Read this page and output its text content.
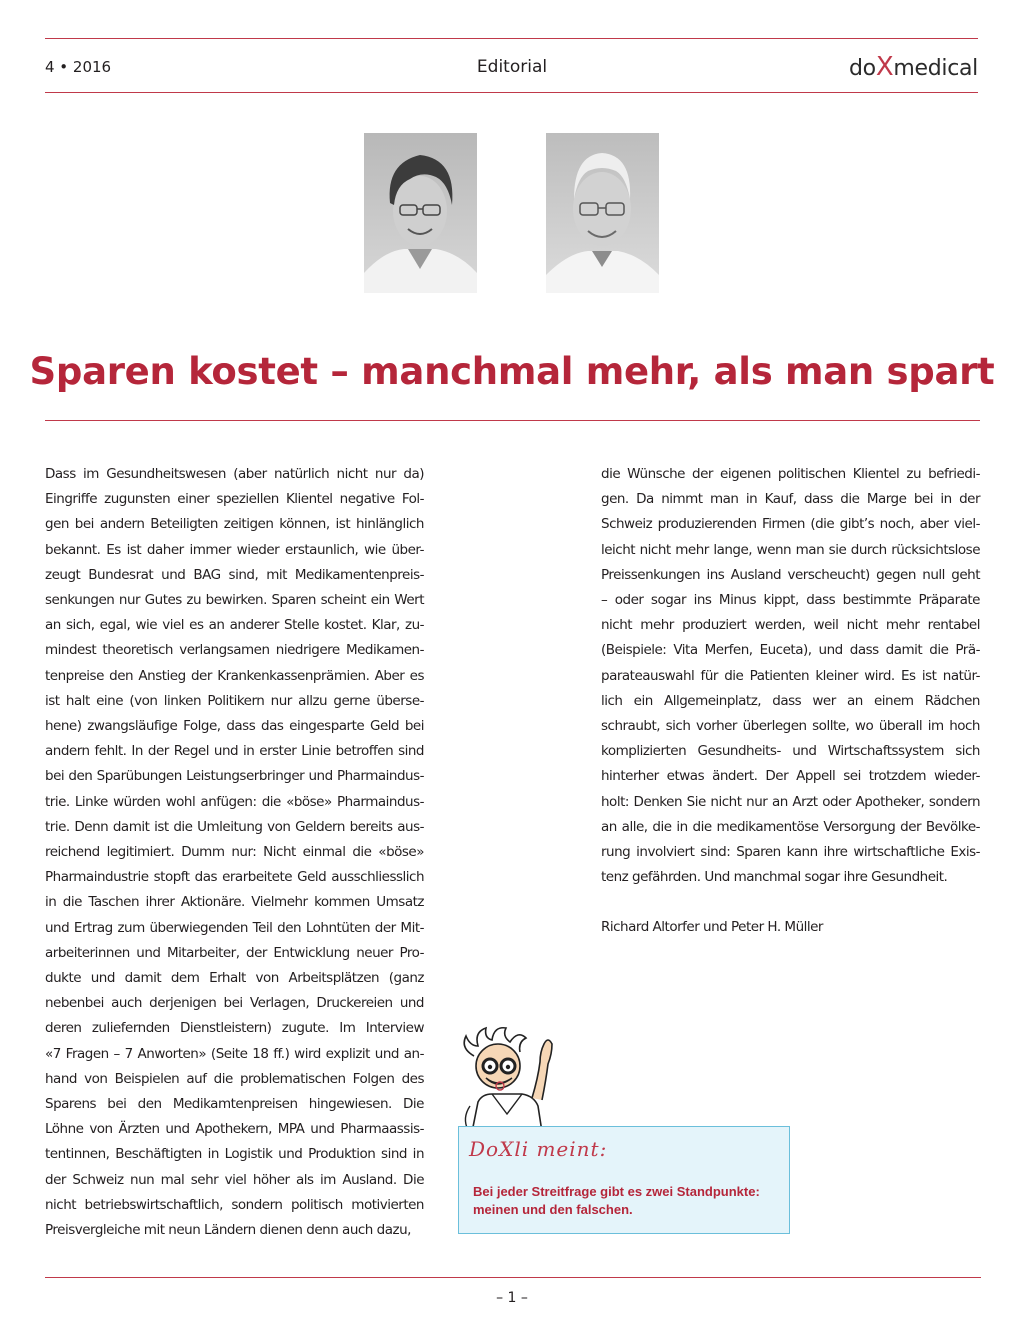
4 • 2016	Editorial	doXmedical
Sparen kostet – manchmal mehr, als man spart
Dass im Gesundheitswesen (aber natürlich nicht nur da)
Eingriffe zugunsten einer speziellen Klientel negative Fol-
gen bei andern Beteiligten zeitigen können, ist hinlänglich
bekannt. Es ist daher immer wieder erstaunlich, wie über-
zeugt Bundesrat und BAG sind, mit Medikamentenpreis-
senkungen nur Gutes zu bewirken. Sparen scheint ein Wert
an sich, egal, wie viel es an anderer Stelle kostet. Klar, zu-
mindest theoretisch verlangsamen niedrigere Medikamen-
tenpreise den Anstieg der Krankenkassenprämien. Aber es
ist halt eine (von linken Politikern nur allzu gerne überse-
hene) zwangsläufige Folge, dass das eingesparte Geld bei
andern fehlt. In der Regel und in erster Linie betroffen sind
bei den Sparübungen Leistungserbringer und Pharmaindus-
trie. Linke würden wohl anfügen: die «böse» Pharmaindus-
trie. Denn damit ist die Umleitung von Geldern bereits aus-
reichend legitimiert. Dumm nur: Nicht einmal die «böse»
Pharmaindustrie stopft das erarbeitete Geld ausschliesslich
in die Taschen ihrer Aktionäre. Vielmehr kommen Umsatz
und Ertrag zum überwiegenden Teil den Lohntüten der Mit-
arbeiterinnen und Mitarbeiter, der Entwicklung neuer Pro-
dukte und damit dem Erhalt von Arbeitsplätzen (ganz
nebenbei auch derjenigen bei Verlagen, Druckereien und
deren zuliefernden Dienstleistern) zugute. Im Interview
«7 Fragen – 7 Anworten» (Seite 18 ff.) wird explizit und an-
hand von Beispielen auf die problematischen Folgen des
Sparens bei den Medikamtenpreisen hingewiesen. Die
Löhne von Ärzten und Apothekern, MPA und Pharmaassis-
tentinnen, Beschäftigten in Logistik und Produktion sind in
der Schweiz nun mal sehr viel höher als im Ausland. Die
nicht betriebswirtschaftlich, sondern politisch motivierten
Preisvergleiche mit neun Ländern dienen denn auch dazu,
die Wünsche der eigenen politischen Klientel zu befriedi-
gen. Da nimmt man in Kauf, dass die Marge bei in der
Schweiz produzierenden Firmen (die gibt’s noch, aber viel-
leicht nicht mehr lange, wenn man sie durch rücksichtslose
Preissenkungen ins Ausland verscheucht) gegen null geht
– oder sogar ins Minus kippt, dass bestimmte Präparate
nicht mehr produziert werden, weil nicht mehr rentabel
(Beispiele: Vita Merfen, Euceta), und dass damit die Prä-
parateauswahl für die Patienten kleiner wird. Es ist natür-
lich ein Allgemeinplatz, dass wer an einem Rädchen
schraubt, sich vorher überlegen sollte, wo überall im hoch
komplizierten Gesundheits- und Wirtschaftssystem sich
hinterher etwas ändert. Der Appell sei trotzdem wieder-
holt: Denken Sie nicht nur an Arzt oder Apotheker, sondern
an alle, die in die medikamentöse Versorgung der Bevölke-
rung involviert sind: Sparen kann ihre wirtschaftliche Exis-
tenz gefährden. Und manchmal sogar ihre Gesundheit.
Richard Altorfer und Peter H. Müller
DoXli meint:
Bei jeder Streitfrage gibt es zwei Standpunkte: meinen und den falschen.
– 1 –
